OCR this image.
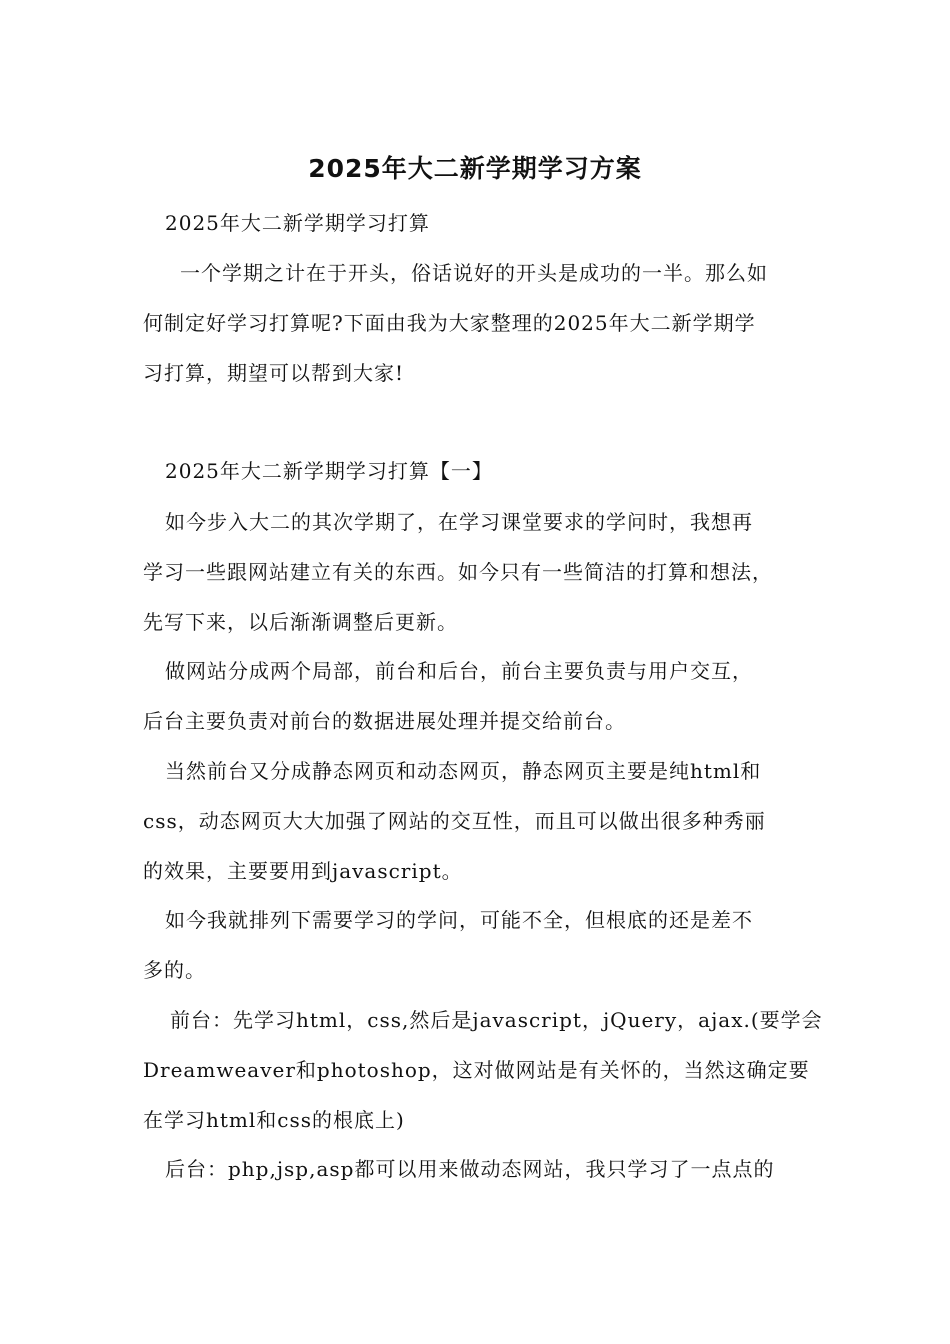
2025年大二新学期学习方案
2025年大二新学期学习打算
一个学期之计在于开头，俗话说好的开头是成功的一半。那么如
何制定好学习打算呢?下面由我为大家整理的2025年大二新学期学
习打算，期望可以帮到大家!
2025年大二新学期学习打算【一】
如今步入大二的其次学期了，在学习课堂要求的学问时，我想再
学习一些跟网站建立有关的东西。如今只有一些简洁的打算和想法，
先写下来，以后渐渐调整后更新。
做网站分成两个局部，前台和后台，前台主要负责与用户交互，
后台主要负责对前台的数据进展处理并提交给前台。
当然前台又分成静态网页和动态网页，静态网页主要是纯html和
css，动态网页大大加强了网站的交互性，而且可以做出很多种秀丽
的效果，主要要用到javascript。
如今我就排列下需要学习的学问，可能不全，但根底的还是差不
多的。
前台：先学习html，css,然后是javascript，jQuery，ajax.(要学会
Dreamweaver和photoshop，这对做网站是有关怀的，当然这确定要
在学习html和css的根底上)
后台：php,jsp,asp都可以用来做动态网站，我只学习了一点点的
